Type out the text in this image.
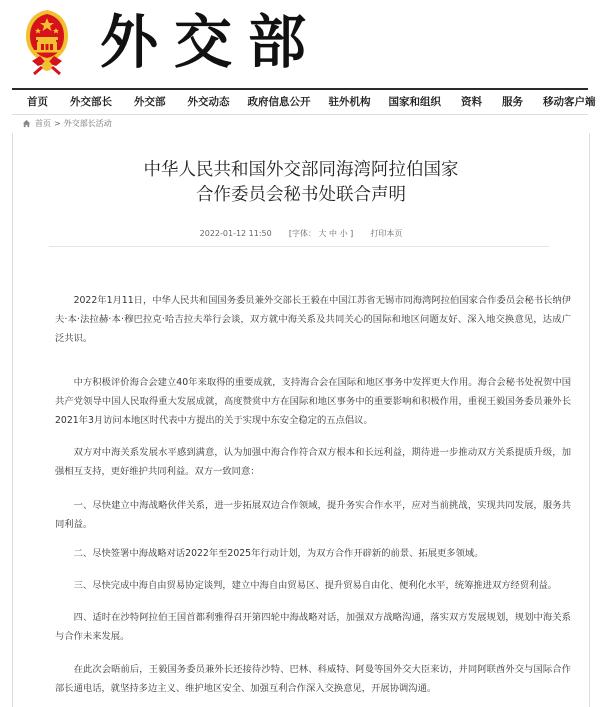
外交部
首页 外交部长 外交部 外交动态 政府信息公开 驻外机构 国家和组织 资料 服务 移动客户端
首页 > 外交部长活动
中华人民共和国外交部同海湾阿拉伯国家
合作委员会秘书处联合声明
2022-01-12 11:50 [字体： 大 中 小 ] 打印本页

2022年1月11日，中华人民共和国国务委员兼外交部长王毅在中国江苏省无锡市同海湾阿拉伯国家合作委员会秘书长纳伊夫·本·法拉赫·本·穆巴拉克·哈吉拉夫举行会谈，双方就中海关系及共同关心的国际和地区问题友好、深入地交换意见，达成广泛共识。

中方积极评价海合会建立40年来取得的重要成就，支持海合会在国际和地区事务中发挥更大作用。海合会秘书处祝贺中国共产党领导中国人民取得重大发展成就，高度赞赏中方在国际和地区事务中的重要影响和积极作用，重视王毅国务委员兼外长2021年3月访问本地区时代表中方提出的关于实现中东安全稳定的五点倡议。

双方对中海关系发展水平感到满意，认为加强中海合作符合双方根本和长远利益，期待进一步推动双方关系提质升级，加强相互支持，更好维护共同利益。双方一致同意：

一、尽快建立中海战略伙伴关系，进一步拓展双边合作领域，提升务实合作水平，应对当前挑战，实现共同发展，服务共同利益。

二、尽快签署中海战略对话2022年至2025年行动计划，为双方合作开辟新的前景、拓展更多领域。

三、尽快完成中海自由贸易协定谈判，建立中海自由贸易区、提升贸易自由化、便利化水平，统筹推进双方经贸利益。

四、适时在沙特阿拉伯王国首都利雅得召开第四轮中海战略对话，加强双方战略沟通，落实双方发展规划，规划中海关系与合作未来发展。

在此次会晤前后，王毅国务委员兼外长还接待沙特、巴林、科威特、阿曼等国外交大臣来访，并同阿联酋外交与国际合作部长通电话，就坚持多边主义、维护地区安全、加强互利合作深入交换意见，开展协调沟通。
